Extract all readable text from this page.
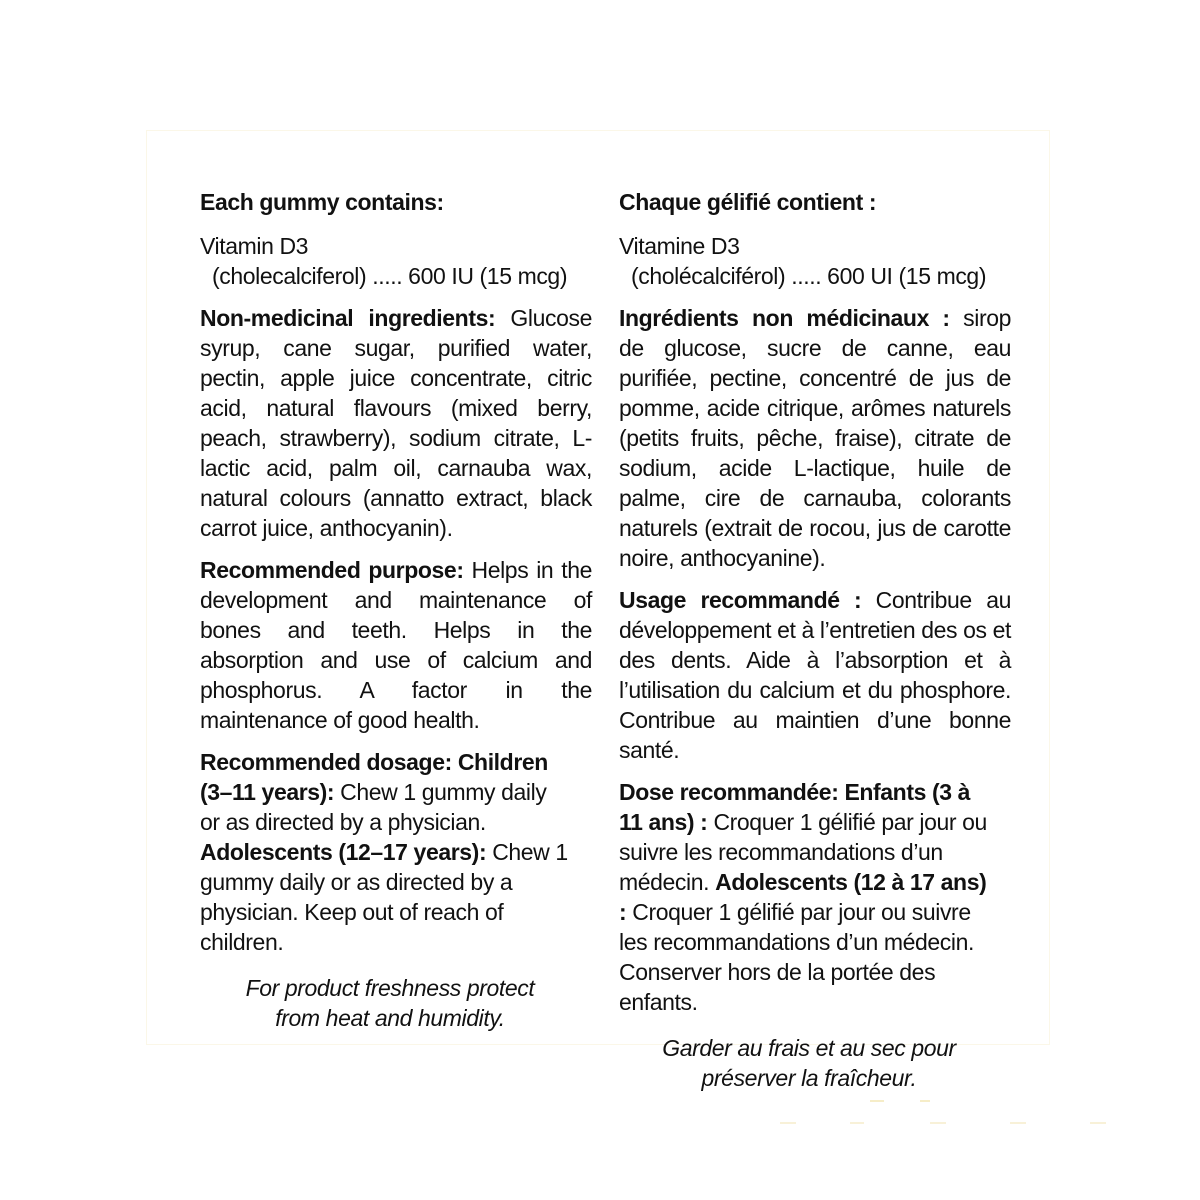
Each gummy contains:

Vitamin D3

(cholecalciferol) ..... 600 IU (15 mcg)

Non-medicinal ingredients: Glucose syrup, cane sugar, purified water, pectin, apple juice concentrate, citric acid, natural flavours (mixed berry, peach, strawberry), sodium citrate, L-lactic acid, palm oil, carnauba wax, natural colours (annatto extract, black carrot juice, anthocyanin).

Recommended purpose: Helps in the development and maintenance of bones and teeth. Helps in the absorption and use of calcium and phosphorus. A factor in the maintenance of good health.

Recommended dosage: Children (3–11 years): Chew 1 gummy daily or as directed by a physician. Adolescents (12–17 years): Chew 1 gummy daily or as directed by a physician. Keep out of reach of children.

For product freshness protect
from heat and humidity.

Chaque gélifié contient :

Vitamine D3

(cholécalciférol) ..... 600 UI (15 mcg)

Ingrédients non médicinaux : sirop de glucose, sucre de canne, eau purifiée, pectine, concentré de jus de pomme, acide citrique, arômes naturels (petits fruits, pêche, fraise), citrate de sodium, acide L-lactique, huile de palme, cire de carnauba, colorants naturels (extrait de rocou, jus de carotte noire, anthocyanine).

Usage recommandé : Contribue au développement et à l’entretien des os et des dents. Aide à l’absorption et à l’utilisation du calcium et du phosphore. Contribue au maintien d’une bonne santé.

Dose recommandée: Enfants (3 à 11 ans) : Croquer 1 gélifié par jour ou suivre les recommandations d’un médecin. Adolescents (12 à 17 ans) : Croquer 1 gélifié par jour ou suivre les recommandations d’un médecin. Conserver hors de la portée des enfants.

Garder au frais et au sec pour
préserver la fraîcheur.
